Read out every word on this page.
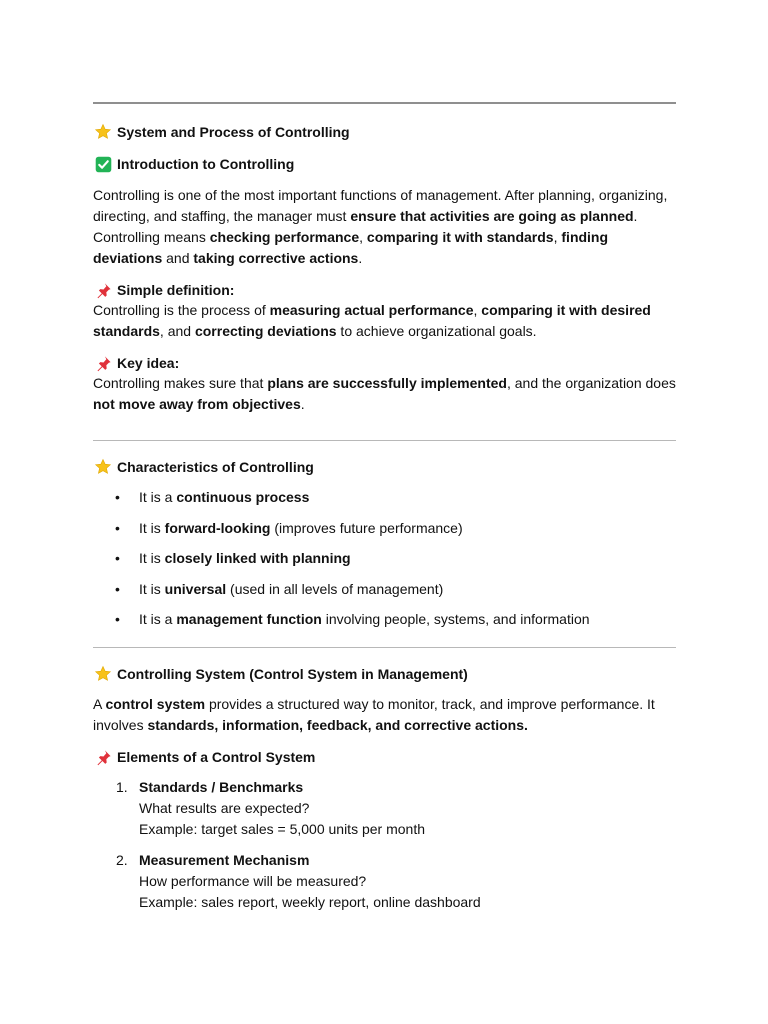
System and Process of Controlling
Introduction to Controlling

Controlling is one of the most important functions of management. After planning, organizing, directing, and staffing, the manager must ensure that activities are going as planned. Controlling means checking performance, comparing it with standards, finding deviations and taking corrective actions.

Simple definition:

Controlling is the process of measuring actual performance, comparing it with desired standards, and correcting deviations to achieve organizational goals.

Key idea:

Controlling makes sure that plans are successfully implemented, and the organization does not move away from objectives.

Characteristics of Controlling
• It is a continuous process
• It is forward-looking (improves future performance)
• It is closely linked with planning
• It is universal (used in all levels of management)
• It is a management function involving people, systems, and information
Controlling System (Control System in Management)

A control system provides a structured way to monitor, track, and improve performance. It involves standards, information, feedback, and corrective actions.

Elements of a Control System
1. Standards / Benchmarks
What results are expected?
Example: target sales = 5,000 units per month
2. Measurement Mechanism
How performance will be measured?
Example: sales report, weekly report, online dashboard
